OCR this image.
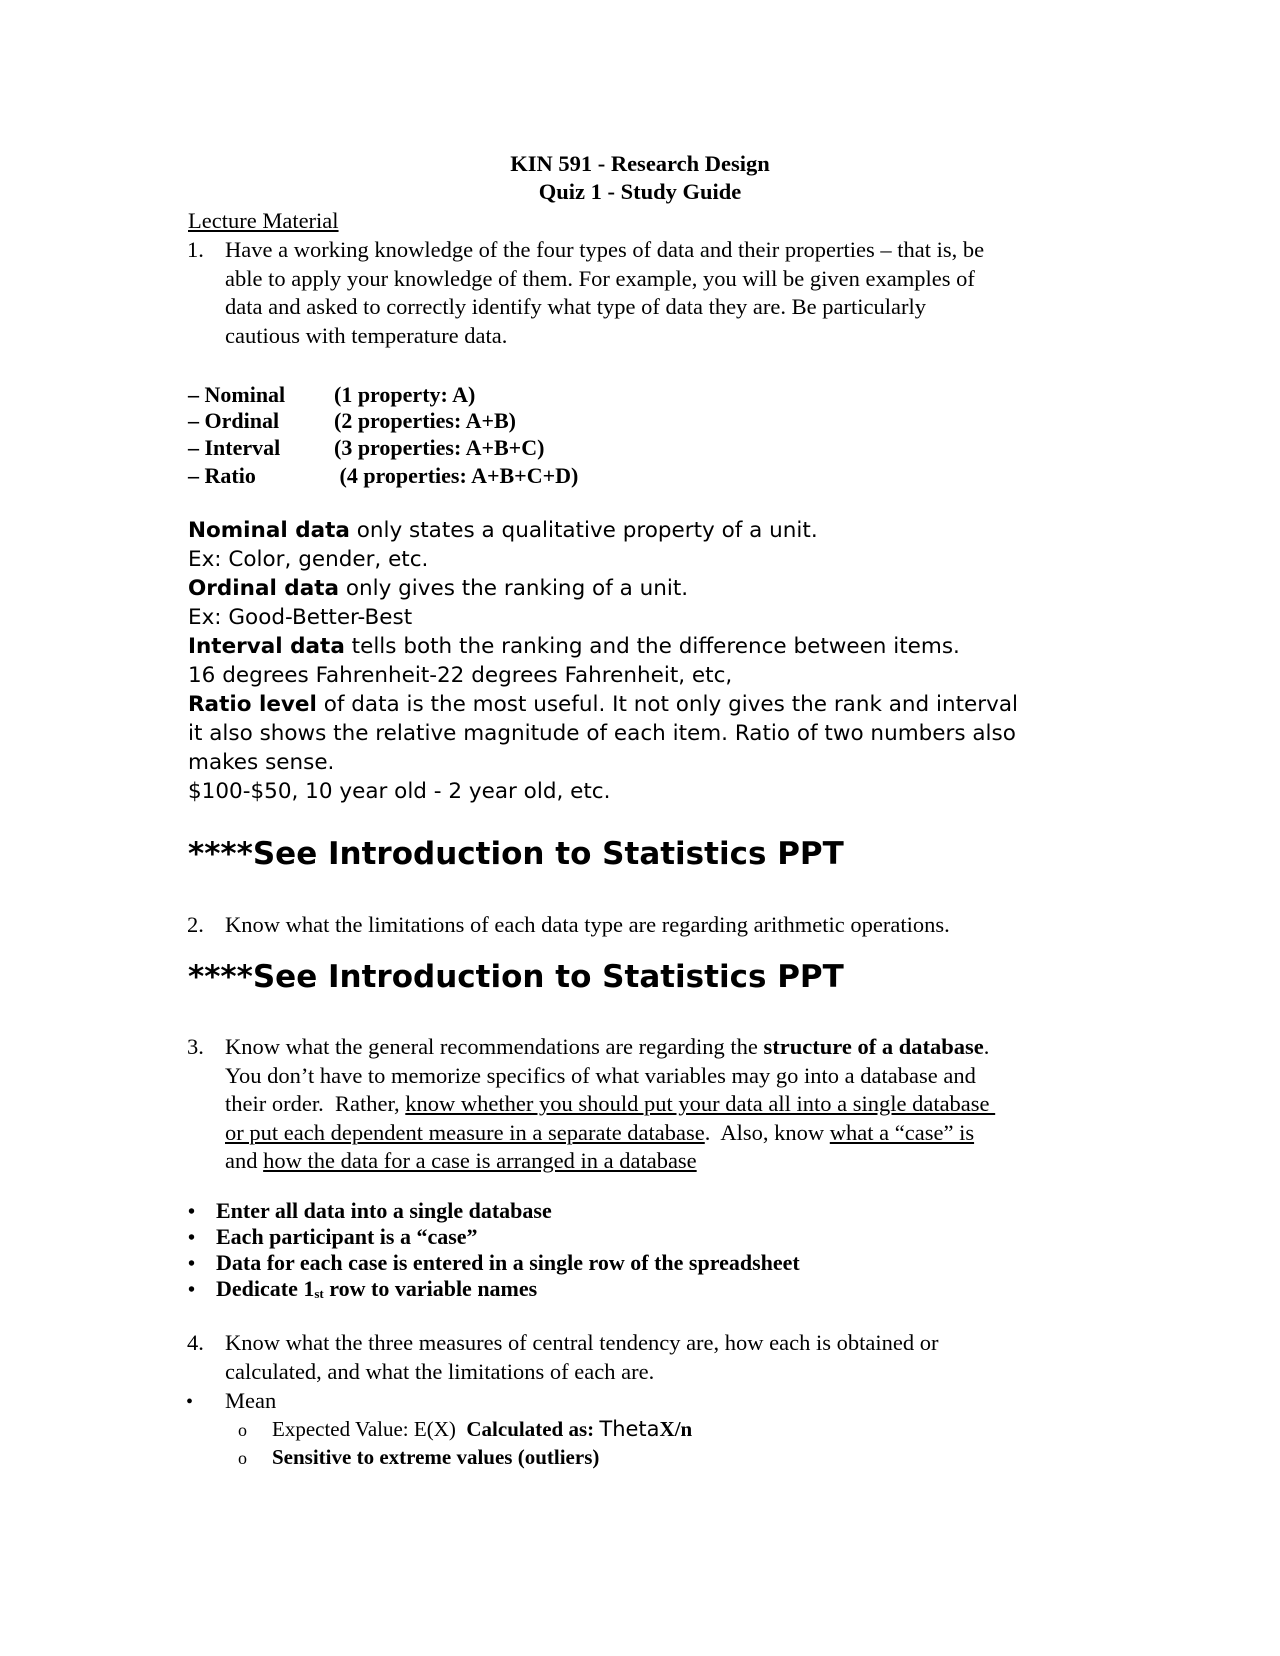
KIN 591 - Research Design
Quiz 1 - Study Guide
Lecture Material
1. Have a working knowledge of the four types of data and their properties – that is, be
able to apply your knowledge of them. For example, you will be given examples of
data and asked to correctly identify what type of data they are. Be particularly
cautious with temperature data.
– Nominal (1 property: A)
– Ordinal (2 properties: A+B)
– Interval (3 properties: A+B+C)
– Ratio	(4 properties: A+B+C+D)
Nominal data only states a qualitative property of a unit.
Ex: Color, gender, etc.
Ordinal data only gives the ranking of a unit.
Ex: Good-Better-Best
Interval data tells both the ranking and the difference between items.
16 degrees Fahrenheit-22 degrees Fahrenheit, etc,
Ratio level of data is the most useful. It not only gives the rank and interval
it also shows the relative magnitude of each item. Ratio of two numbers also
makes sense.
$100-$50, 10 year old - 2 year old, etc.
****See Introduction to Statistics PPT
2. Know what the limitations of each data type are regarding arithmetic operations.
****See Introduction to Statistics PPT
3. Know what the general recommendations are regarding the structure of a database.
You don’t have to memorize specifics of what variables may go into a database and
their order.  Rather, know whether you should put your data all into a single database
or put each dependent measure in a separate database.  Also, know what a “case” is
and how the data for a case is arranged in a database
• Enter all data into a single database
• Each participant is a “case”
• Data for each case is entered in a single row of the spreadsheet
• Dedicate $1_{st}$ row to variable names
4. Know what the three measures of central tendency are, how each is obtained or
calculated, and what the limitations of each are.
• Mean
o Expected Value: E(X)  Calculated as: ThetaX/n
o Sensitive to extreme values (outliers)
